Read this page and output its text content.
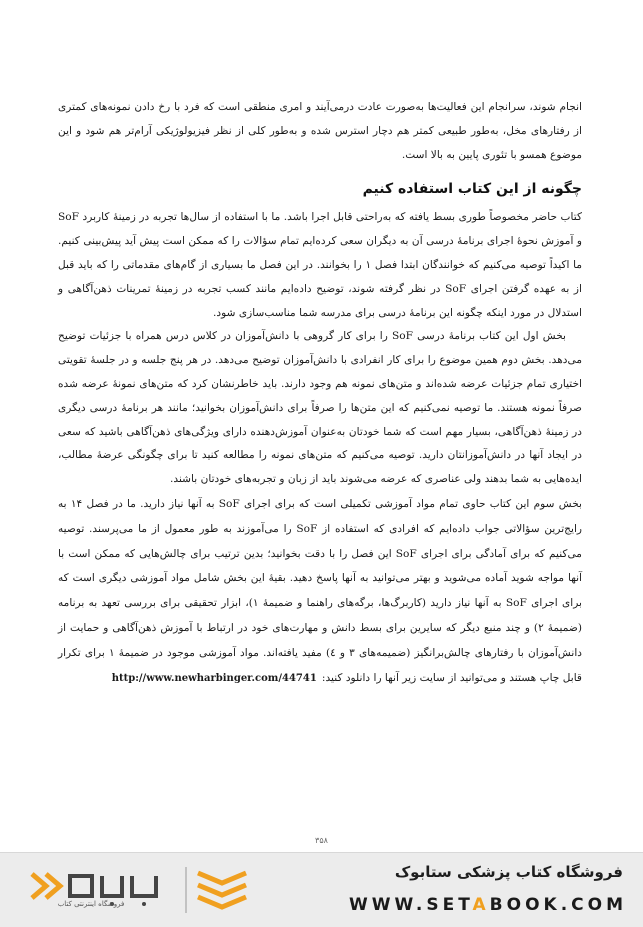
انجام شوند، سرانجام این فعالیت‌ها به‌صورت عادت درمی‌آیند و امری منطقی است که فرد با رخ دادن نمونه‌های کمتری از رفتارهای مخل، به‌طور طبیعی کمتر هم دچار استرس شده و به‌طور کلی از نظر فیزیولوژیکی آرام‌تر هم شود و این موضوع همسو با تئوری پایین به بالا است.

چگونه از این کتاب استفاده کنیم

کتاب حاضر مخصوصاً طوری بسط یافته که به‌راحتی قابل اجرا باشد. ما با استفاده از سال‌ها تجربه در زمینهٔ کاربرد SoF و آموزش نحوهٔ اجرای برنامهٔ درسی آن به دیگران سعی کرده‌ایم تمام سؤالات را که ممکن است پیش آید پیش‌بینی کنیم. ما اکیداً توصیه می‌کنیم که خوانندگان ابتدا فصل ۱ را بخوانند. در این فصل ما بسیاری از گام‌های مقدماتی را که باید قبل از به عهده گرفتن اجرای SoF در نظر گرفته شوند، توضیح داده‌ایم مانند کسب تجربه در زمینهٔ تمرینات ذهن‌آگاهی و استدلال در مورد اینکه چگونه این برنامهٔ درسی برای مدرسه شما مناسب‌سازی شود.

بخش اول این کتاب برنامهٔ درسی SoF را برای کار گروهی با دانش‌آموزان در کلاس درس همراه با جزئیات توضیح می‌دهد. بخش دوم همین موضوع را برای کار انفرادی با دانش‌آموزان توضیح می‌دهد. در هر پنج جلسه و در جلسهٔ تقویتی اختیاری تمام جزئیات عرضه شده‌اند و متن‌های نمونه هم وجود دارند. باید خاطرنشان کرد که متن‌های نمونهٔ عرضه شده صرفاً نمونه هستند. ما توصیه نمی‌کنیم که این متن‌ها را صرفاً برای دانش‌آموزان بخوانید؛ مانند هر برنامهٔ درسی دیگری در زمینهٔ ذهن‌آگاهی، بسیار مهم است که شما خودتان به‌عنوان آموزش‌دهنده دارای ویژگی‌های ذهن‌آگاهی باشید که سعی در ایجاد آنها در دانش‌آموزانتان دارید. توصیه می‌کنیم که متن‌های نمونه را مطالعه کنید تا برای چگونگی عرضهٔ مطالب، ایده‌هایی به شما بدهند ولی عناصری که عرضه می‌شوند باید از زبان و تجربه‌های خودتان باشند.

بخش سوم این کتاب حاوی تمام مواد آموزشی تکمیلی است که برای اجرای SoF به آنها نیاز دارید. ما در فصل ۱۴ به رایج‌ترین سؤالاتی جواب داده‌ایم که افرادی که استفاده از SoF را می‌آموزند به طور معمول از ما می‌پرسند. توصیه می‌کنیم که برای آمادگی برای اجرای SoF این فصل را با دقت بخوانید؛ بدین ترتیب برای چالش‌هایی که ممکن است با آنها مواجه شوید آماده می‌شوید و بهتر می‌توانید به آنها پاسخ دهید. بقیهٔ این بخش شامل مواد آموزشی دیگری است که برای اجرای SoF به آنها نیاز دارید (کاربرگ‌ها، برگه‌های راهنما و ضمیمهٔ ۱)، ابزار تحقیقی برای بررسی تعهد به برنامه (ضمیمهٔ ۲) و چند منبع دیگر که سایرین برای بسط دانش و مهارت‌های خود در ارتباط با آموزش ذهن‌آگاهی و حمایت از دانش‌آموزان با رفتارهای چالش‌برانگیز (ضمیمه‌های ۳ و ٤) مفید یافته‌اند. مواد آموزشی موجود در ضمیمهٔ ۱ برای تکرار قابل چاپ هستند و می‌توانید از سایت زیر آنها را دانلود کنید:

http://www.newharbinger.com/44741
۳۵۸
فروشگاه اینترنتی کتاب
فروشگاه کتاب پزشکی ستابوک
WWW.SETABOOK.COM
